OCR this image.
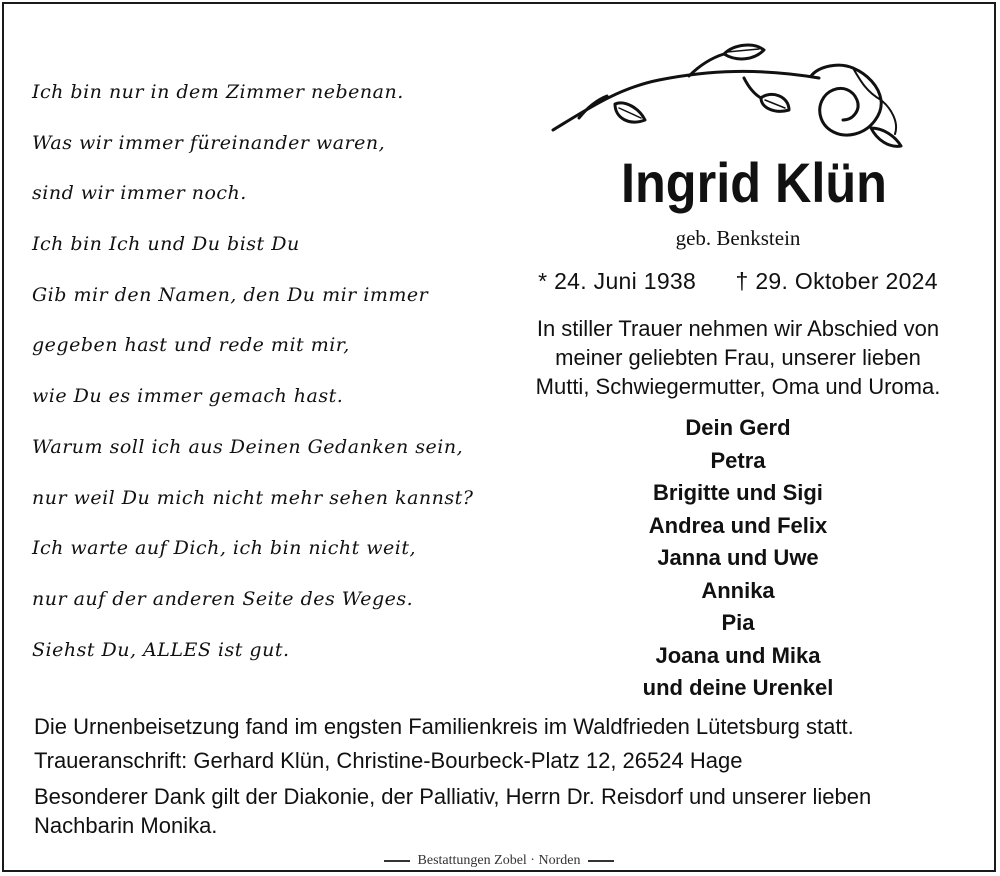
Ich bin nur in dem Zimmer nebenan.
Was wir immer füreinander waren,
sind wir immer noch.
Ich bin Ich und Du bist Du
Gib mir den Namen, den Du mir immer
gegeben hast und rede mit mir,
wie Du es immer gemach hast.
Warum soll ich aus Deinen Gedanken sein,
nur weil Du mich nicht mehr sehen kannst?
Ich warte auf Dich, ich bin nicht weit,
nur auf der anderen Seite des Weges.
Siehst Du, ALLES ist gut.
Ingrid Klün
geb. Benkstein
* 24. Juni 1938 † 29. Oktober 2024
In stiller Trauer nehmen wir Abschied von
meiner geliebten Frau, unserer lieben
Mutti, Schwiegermutter, Oma und Uroma.
Dein Gerd
Petra
Brigitte und Sigi
Andrea und Felix
Janna und Uwe
Annika
Pia
Joana und Mika
und deine Urenkel
Die Urnenbeisetzung fand im engsten Familienkreis im Waldfrieden Lütetsburg statt.
Traueranschrift: Gerhard Klün, Christine-Bourbeck-Platz 12, 26524 Hage
Besonderer Dank gilt der Diakonie, der Palliativ, Herrn Dr. Reisdorf und unserer lieben
Nachbarin Monika.
Bestattungen Zobel · Norden
